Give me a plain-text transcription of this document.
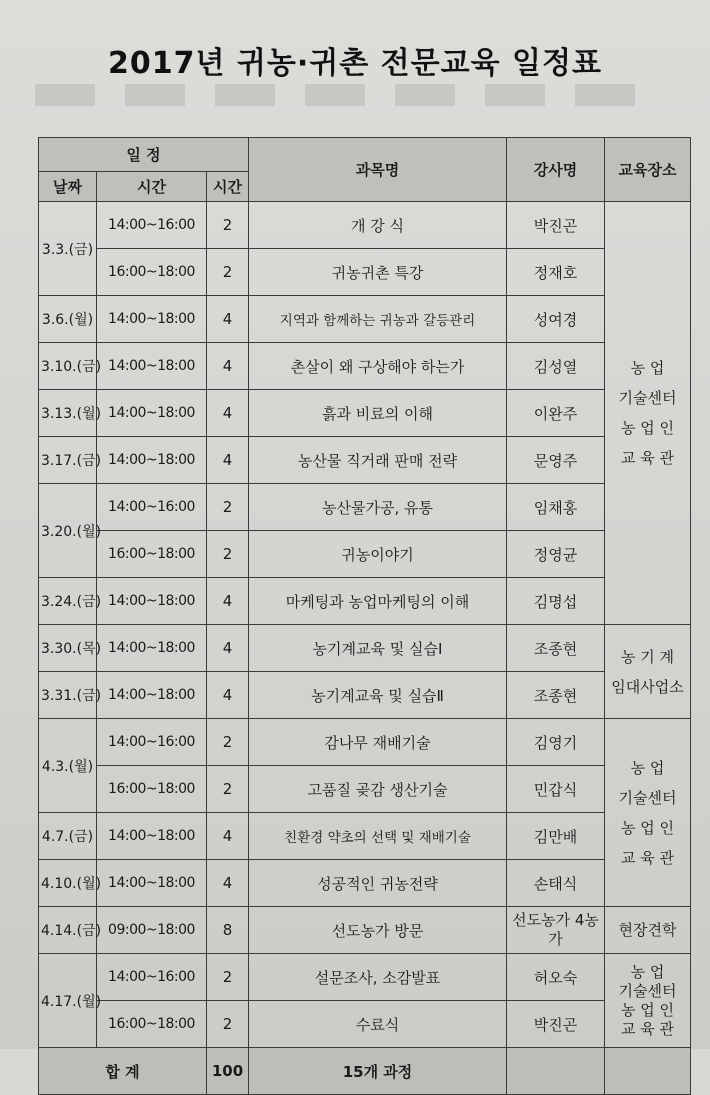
2017년 귀농·귀촌 전문교육 일정표
일 정			과목명	강사명	교육장소
날짜	시간	시간			
3.3.(금)	14:00~16:00	2	개 강 식	박진곤	농 업
기술센터
농 업 인
교 육 관

	16:00~18:00	2	귀농귀촌 특강	정재호	
3.6.(월)	14:00~18:00	4	지역과 함께하는 귀농과 갈등관리	성여경	
3.10.(금)	14:00~18:00	4	촌살이 왜 구상해야 하는가	김성열	
3.13.(월)	14:00~18:00	4	흙과 비료의 이해	이완주	
3.17.(금)	14:00~18:00	4	농산물 직거래 판매 전략	문영주	
3.20.(월)	14:00~16:00	2	농산물가공, 유통	임채홍	
	16:00~18:00	2	귀농이야기	정영균	
3.24.(금)	14:00~18:00	4	마케팅과 농업마케팅의 이해	김명섭	
3.30.(목)	14:00~18:00	4	농기계교육 및 실습Ⅰ	조종현	농 기 계
임대사업소

3.31.(금)	14:00~18:00	4	농기계교육 및 실습Ⅱ	조종현	
4.3.(월)	14:00~16:00	2	감나무 재배기술	김영기	농 업
기술센터
농 업 인
교 육 관

	16:00~18:00	2	고품질 곶감 생산기술	민갑식	
4.7.(금)	14:00~18:00	4	친환경 약초의 선택 및 재배기술	김만배	
4.10.(월)	14:00~18:00	4	성공적인 귀농전략	손태식	
4.14.(금)	09:00~18:00	8	선도농가 방문	선도농가 4농가	현장견학

4.17.(월)	14:00~16:00	2	설문조사, 소감발표	허오숙	농 업
기술센터
농 업 인
교 육 관

	16:00~18:00	2	수료식	박진곤	
합 계		100	15개 과정		
